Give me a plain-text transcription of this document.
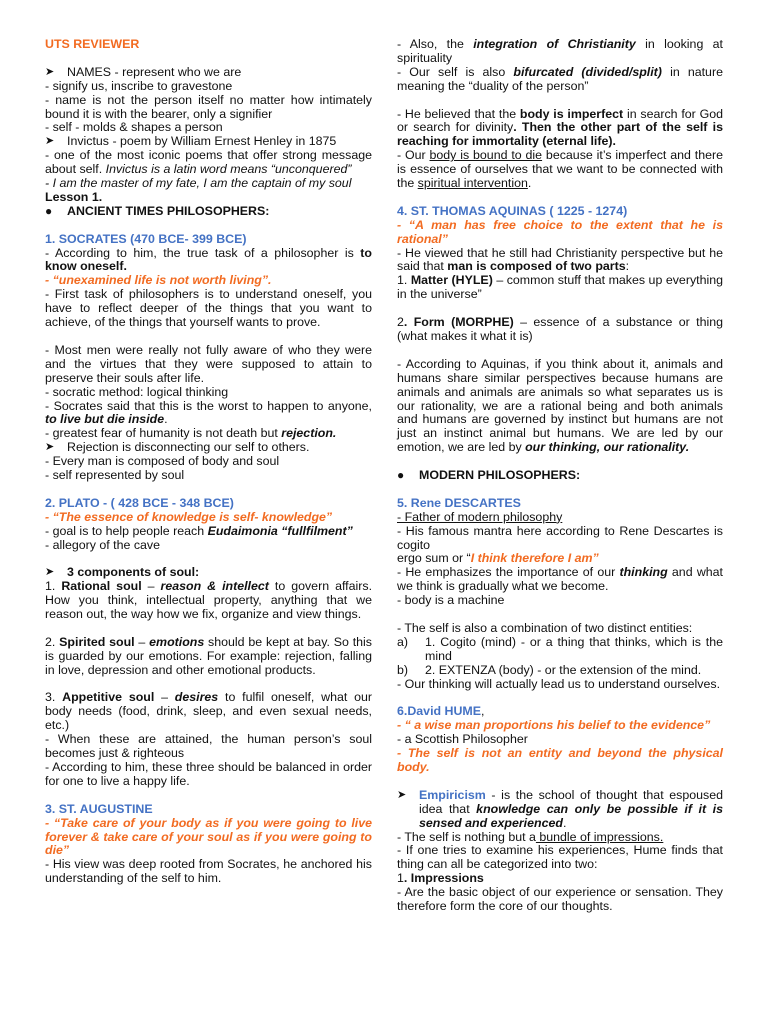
UTS REVIEWER

➤	NAMES - represent who we are

- signify us, inscribe to gravestone

- name is not the person itself no matter how intimately bound it is with the bearer, only a signifier

- self - molds & shapes a person

➤	Invictus - poem by William Ernest Henley in 1875

- one of the most iconic poems that offer strong message about self. Invictus is a latin word means “unconquered”

- I am the master of my fate, I am the captain of my soul

Lesson 1.

●	ANCIENT TIMES PHILOSOPHERS:

1. SOCRATES (470 BCE- 399 BCE)

- According to him, the true task of a philosopher is to know oneself.

- “unexamined life is not worth living”.

- First task of philosophers is to understand oneself, you have to reflect deeper of the things that you want to achieve, of the things that yourself wants to prove.

- Most men were really not fully aware of who they were and the virtues that they were supposed to attain to preserve their souls after life.

- socratic method: logical thinking

- Socrates said that this is the worst to happen to anyone, to live but die inside.

- greatest fear of humanity is not death but rejection.

➤	Rejection is disconnecting our self to others.

- Every man is composed of body and soul

- self represented by soul

2. PLATO - ( 428 BCE - 348 BCE)

- “The essence of knowledge is self- knowledge”

- goal is to help people reach Eudaimonia “fullfilment”

- allegory of the cave

➤	3 components of soul:

1. Rational soul – reason & intellect to govern affairs. How you think, intellectual property, anything that we reason out, the way how we fix, organize and view things.

2. Spirited soul – emotions should be kept at bay. So this is guarded by our emotions. For example: rejection, falling in love, depression and other emotional products.

3. Appetitive soul – desires to fulfil oneself, what our body needs (food, drink, sleep, and even sexual needs, etc.)

- When these are attained, the human person’s soul becomes just & righteous

- According to him, these three should be balanced in order for one to live a happy life.

3. ST. AUGUSTINE

- “Take care of your body as if you were going to live forever & take care of your soul as if you were going to die”

- His view was deep rooted from Socrates, he anchored his understanding of the self to him.

- Also, the integration of Christianity in looking at spirituality

- Our self is also bifurcated (divided/split) in nature meaning the “duality of the person”

- He believed that the body is imperfect in search for God or search for divinity. Then the other part of the self is reaching for immortality (eternal life).

- Our body is bound to die because it’s imperfect and there is essence of ourselves that we want to be connected with the spiritual intervention.

4. ST. THOMAS AQUINAS ( 1225 - 1274)

- “A man has free choice to the extent that he is rational”

- He viewed that he still had Christianity perspective but he said that man is composed of two parts:

1. Matter (HYLE) – common stuff that makes up everything in the universe”

2. Form (MORPHE) – essence of a substance or thing (what makes it what it is)

- According to Aquinas, if you think about it, animals and humans share similar perspectives because humans are animals and animals are animals so what separates us is our rationality, we are a rational being and both animals and humans are governed by instinct but humans are not just an instinct animal but humans. We are led by our emotion, we are led by our thinking, our rationality.

●	MODERN PHILOSOPHERS:

5. Rene DESCARTES

- Father of modern philosophy

- His famous mantra here according to Rene Descartes is cogito

ergo sum or “I think therefore I am”

- He emphasizes the importance of our thinking and what we think is gradually what we become.

- body is a machine

- The self is also a combination of two distinct entities:

a)	1. Cogito (mind) - or a thing that thinks, which is the mind
b)	2. EXTENZA (body) - or the extension of the mind.

- Our thinking will actually lead us to understand ourselves.

6.David HUME,

- “ a wise man proportions his belief to the evidence”

- a Scottish Philosopher

- The self is not an entity and beyond the physical body.

➤	Empiricism - is the school of thought that espoused idea that knowledge can only be possible if it is sensed and experienced.

- The self is nothing but a bundle of impressions.

- If one tries to examine his experiences, Hume finds that thing can all be categorized into two:

1. Impressions

- Are the basic object of our experience or sensation. They therefore form the core of our thoughts.
